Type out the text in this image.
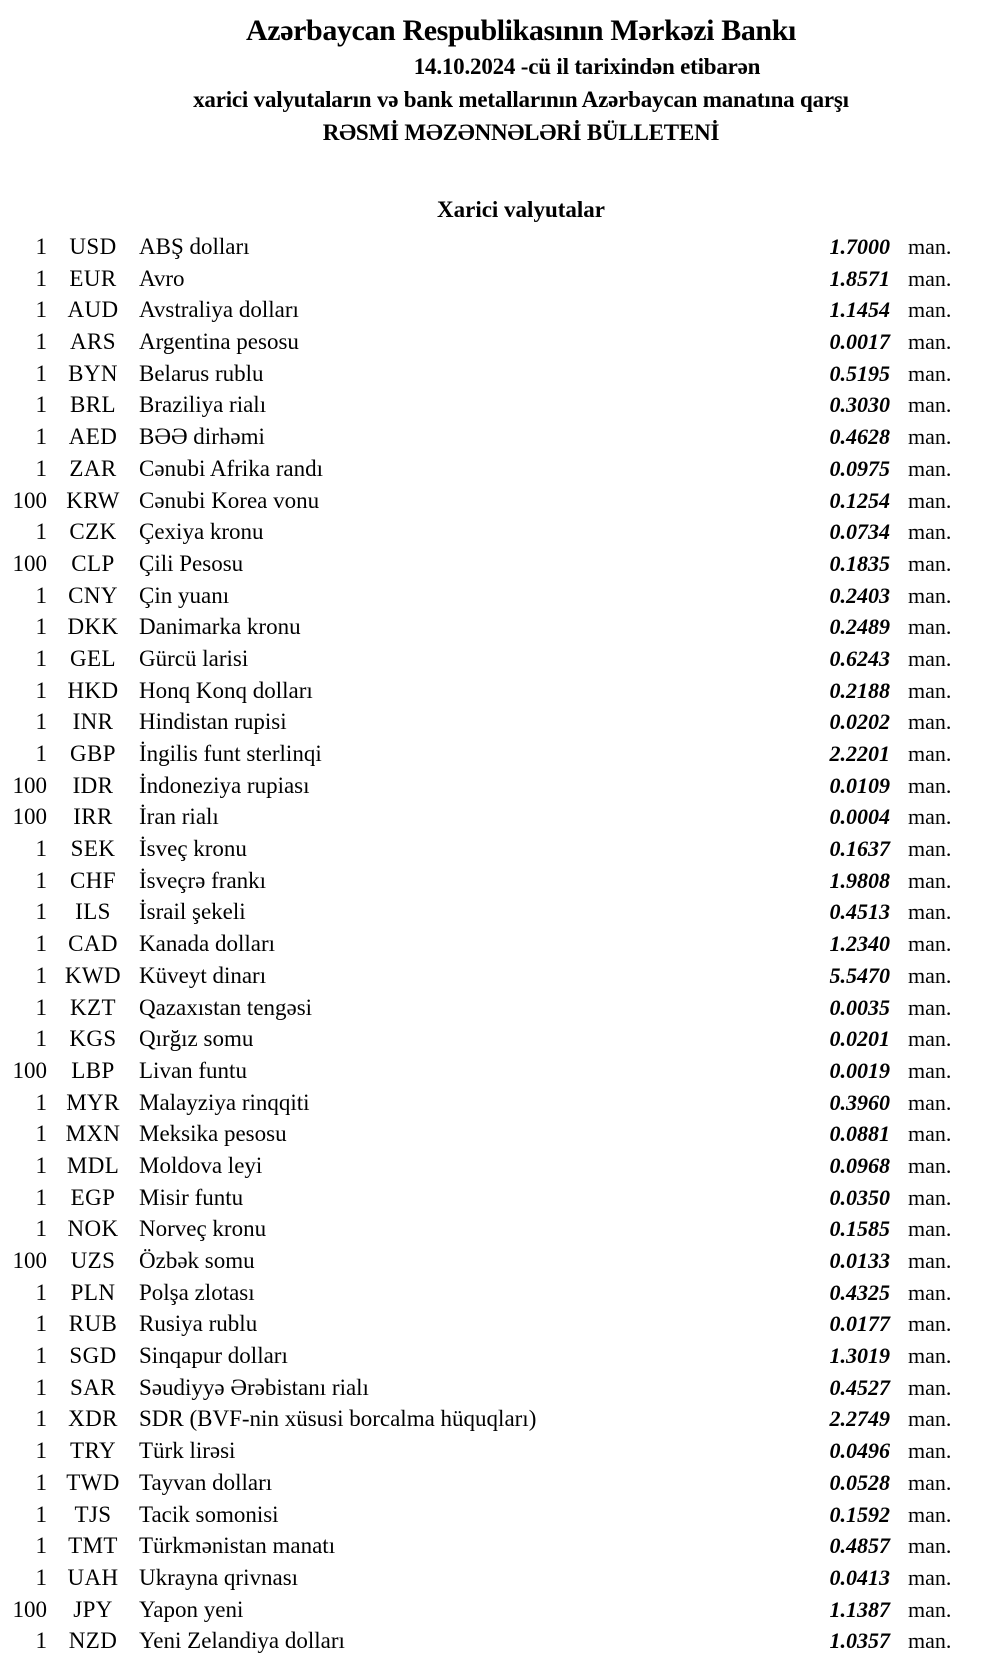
Azərbaycan Respublikasının Mərkəzi Bankı
14.10.2024 -cü il tarixindən etibarən
xarici valyutaların və bank metallarının Azərbaycan manatına qarşı
RƏSMİ MƏZƏNNƏLƏRİ BÜLLETENİ
Xarici valyutalar
1 USD ABŞ dolları	1.7000 man.
1 EUR Avro	1.8571 man.
1 AUD Avstraliya dolları	1.1454 man.
1	ARS	Argentina pesosu	0.0017 man.
1 BYN Belarus rublu	0.5195 man.
1	BRL	Braziliya rialı	0.3030 man.
1 AED BƏƏ dirhəmi	0.4628 man.
1 ZAR Cənubi Afrika randı	0.0975 man.
100 KRW Cənubi Korea vonu	0.1254 man.
1 CZK Çexiya kronu	0.0734 man.
100	CLP	Çili Pesosu	0.1835 man.
1 CNY Çin yuanı	0.2403 man.
1 DKK Danimarka kronu	0.2489 man.
1	GEL	Gürcü larisi	0.6243 man.
1 HKD Honq Konq dolları	0.2188 man.
1	INR	Hindistan rupisi	0.0202 man.
1	GBP	İngilis funt sterlinqi	2.2201 man.
100	IDR	İndoneziya rupiası	0.0109 man.
100	IRR	İran rialı	0.0004 man.
1	SEK	İsveç kronu	0.1637 man.
1	CHF	İsveçrə frankı	1.9808 man.
1	ILS	İsrail şekeli	0.4513 man.
1 CAD Kanada dolları	1.2340 man.
1 KWD Küveyt dinarı	5.5470 man.
1	KZT	Qazaxıstan tengəsi	0.0035 man.
1 KGS Qırğız somu	0.0201 man.
100	LBP	Livan funtu	0.0019 man.
1 MYR Malayziya rinqqiti	0.3960 man.
1 MXN Meksika pesosu	0.0881 man.
1 MDL Moldova leyi	0.0968 man.
1	EGP	Misir funtu	0.0350 man.
1 NOK Norveç kronu	0.1585 man.
100	UZS	Özbək somu	0.0133 man.
1	PLN	Polşa zlotası	0.4325 man.
1 RUB Rusiya rublu	0.0177 man.
1 SGD Sinqapur dolları	1.3019 man.
1	SAR	Səudiyyə Ərəbistanı rialı	0.4527 man.
1 XDR SDR (BVF-nin xüsusi borcalma hüquqları)	2.2749 man.
1	TRY	Türk lirəsi	0.0496 man.
1 TWD Tayvan dolları	0.0528 man.
1	TJS	Tacik somonisi	0.1592 man.
1 TMT Türkmənistan manatı	0.4857 man.
1 UAH Ukrayna qrivnası	0.0413 man.
100	JPY	Yapon yeni	1.1387 man.
1 NZD Yeni Zelandiya dolları	1.0357 man.
